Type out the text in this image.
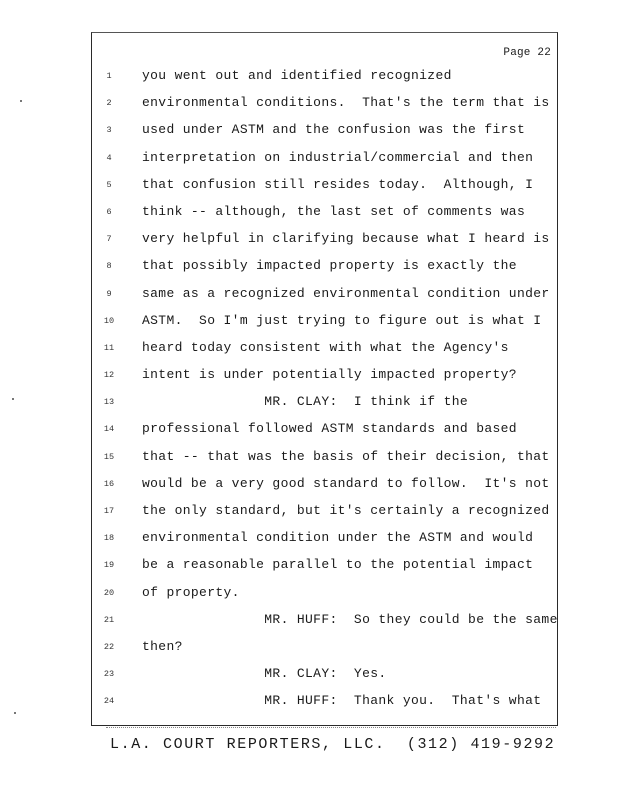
Page 22
1	you went out and identified recognized
2	environmental conditions.  That's the term that is
3	used under ASTM and the confusion was the first
4	interpretation on industrial/commercial and then
5	that confusion still resides today.  Although, I
6	think -- although, the last set of comments was
7	very helpful in clarifying because what I heard is
8	that possibly impacted property is exactly the
9	same as a recognized environmental condition under
10	ASTM.  So I'm just trying to figure out is what I
11	heard today consistent with what the Agency's
12	intent is under potentially impacted property?
13	MR. CLAY:  I think if the
14	professional followed ASTM standards and based
15	that -- that was the basis of their decision, that
16	would be a very good standard to follow.  It's not
17	the only standard, but it's certainly a recognized
18	environmental condition under the ASTM and would
19	be a reasonable parallel to the potential impact
20	of property.
21	MR. HUFF:  So they could be the same
22	then?
23	MR. CLAY:  Yes.
24	MR. HUFF:  Thank you.  That's what
L.A. COURT REPORTERS, LLC.  (312) 419-9292
